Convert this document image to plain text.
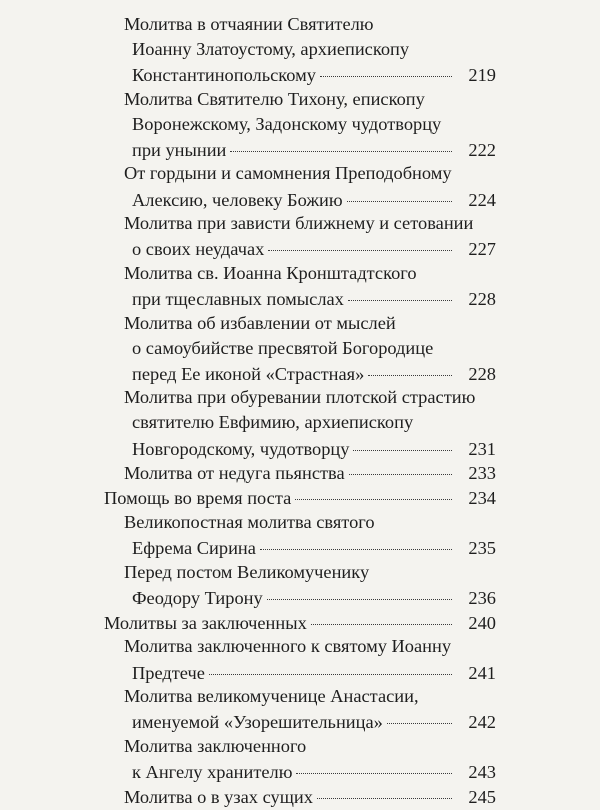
Молитва в отчаянии Святителю
Иоанну Златоустому, архиепископу
Константинопольскому	219
Молитва Святителю Тихону, епископу
Воронежскому, Задонскому чудотворцу
при унынии	222
От гордыни и самомнения Преподобному
Алексию, человеку Божию	224
Молитва при зависти ближнему и сетовании
о своих неудачах	227
Молитва св. Иоанна Кронштадтского
при тщеславных помыслах	228
Молитва об избавлении от мыслей
о самоубийстве пресвятой Богородице
перед Ее иконой «Страстная»	228
Молитва при обуревании плотской страстию
святителю Евфимию, архиепископу
Новгородскому, чудотворцу	231
Молитва от недуга пьянства	233
Помощь во время поста	234
Великопостная молитва святого
Ефрема Сирина	235
Перед постом Великомученику
Феодору Тирону	236
Молитвы за заключенных	240
Молитва заключенного к святому Иоанну
Предтече	241
Молитва великомученице Анастасии,
именуемой «Узорешительница»	242
Молитва заключенного
к Ангелу хранителю	243
Молитва о в узах сущих	245
